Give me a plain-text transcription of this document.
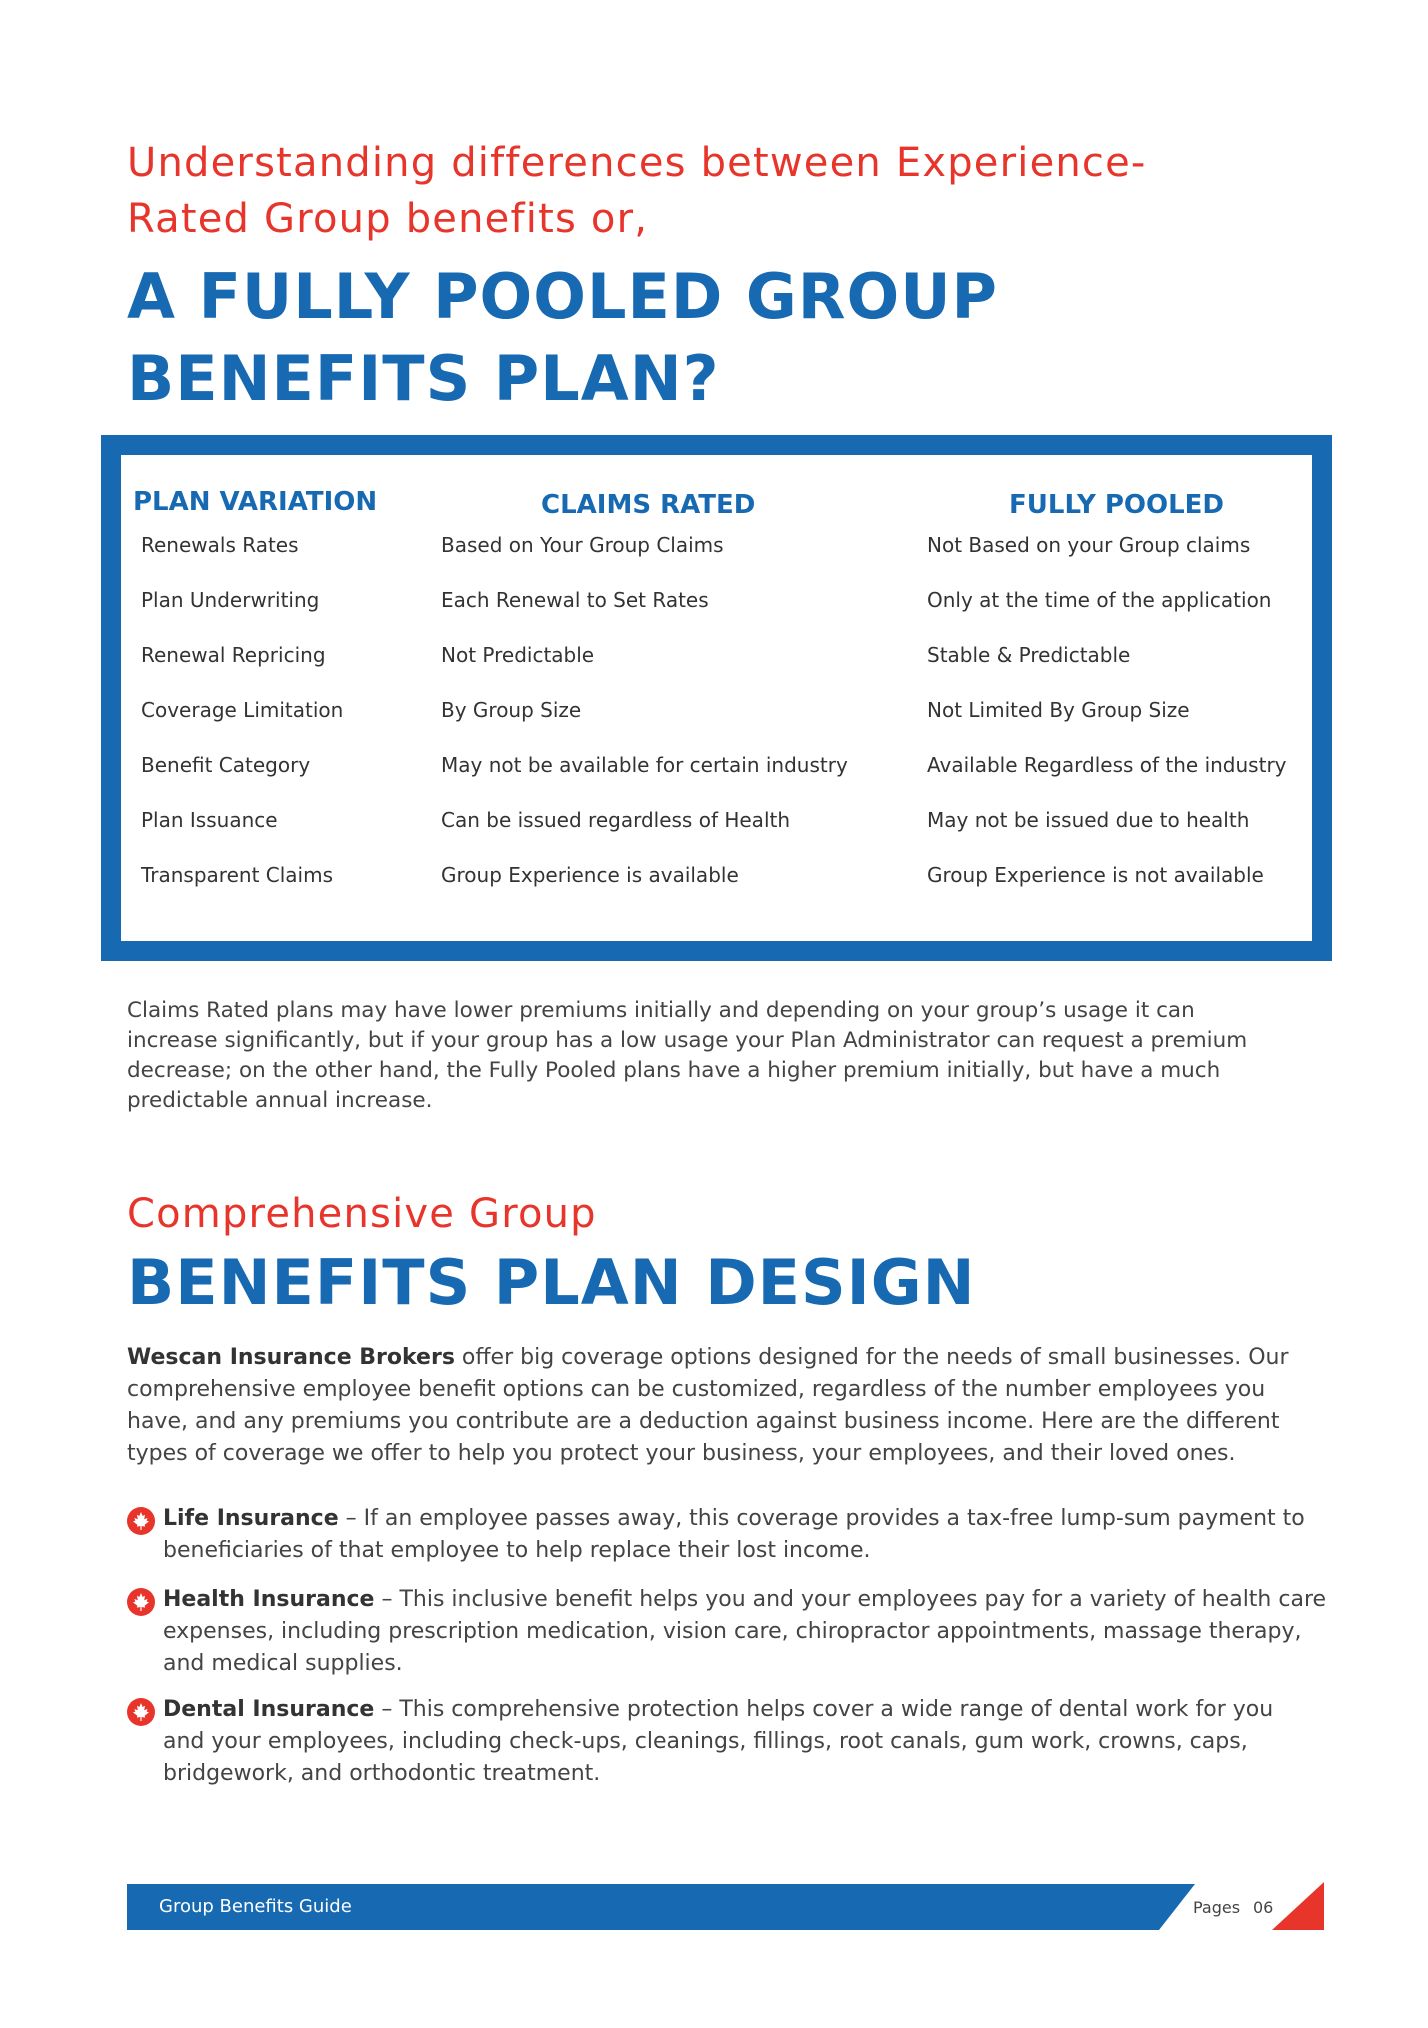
Understanding differences between Experience-
Rated Group benefits or,
A FULLY POOLED GROUP
BENEFITS PLAN?
PLAN VARIATION	CLAIMS RATED	FULLY POOLED
Renewals Rates	Based on Your Group Claims	Not Based on your Group claims
Plan Underwriting	Each Renewal to Set Rates	Only at the time of the application
Renewal Repricing	Not Predictable	Stable & Predictable
Coverage Limitation	By Group Size	Not Limited By Group Size
Benefit Category	May not be available for certain industry	Available Regardless of the industry
Plan Issuance	Can be issued regardless of Health	May not be issued due to health
Transparent Claims	Group Experience is available	Group Experience is not available

Claims Rated plans may have lower premiums initially and depending on your group’s usage it can
increase significantly, but if your group has a low usage your Plan Administrator can request a premium
decrease; on the other hand, the Fully Pooled plans have a higher premium initially, but have a much
predictable annual increase.

Comprehensive Group
BENEFITS PLAN DESIGN

Wescan Insurance Brokers offer big coverage options designed for the needs of small businesses. Our
comprehensive employee benefit options can be customized, regardless of the number employees you
have, and any premiums you contribute are a deduction against business income. Here are the different
types of coverage we offer to help you protect your business, your employees, and their loved ones.

Life Insurance – If an employee passes away, this coverage provides a tax-free lump-sum payment to
beneficiaries of that employee to help replace their lost income.
Health Insurance – This inclusive benefit helps you and your employees pay for a variety of health care
expenses, including prescription medication, vision care, chiropractor appointments, massage therapy,
and medical supplies.
Dental Insurance – This comprehensive protection helps cover a wide range of dental work for you
and your employees, including check-ups, cleanings, fillings, root canals, gum work, crowns, caps,
bridgework, and orthodontic treatment.
Group Benefits Guide	Pages 06
